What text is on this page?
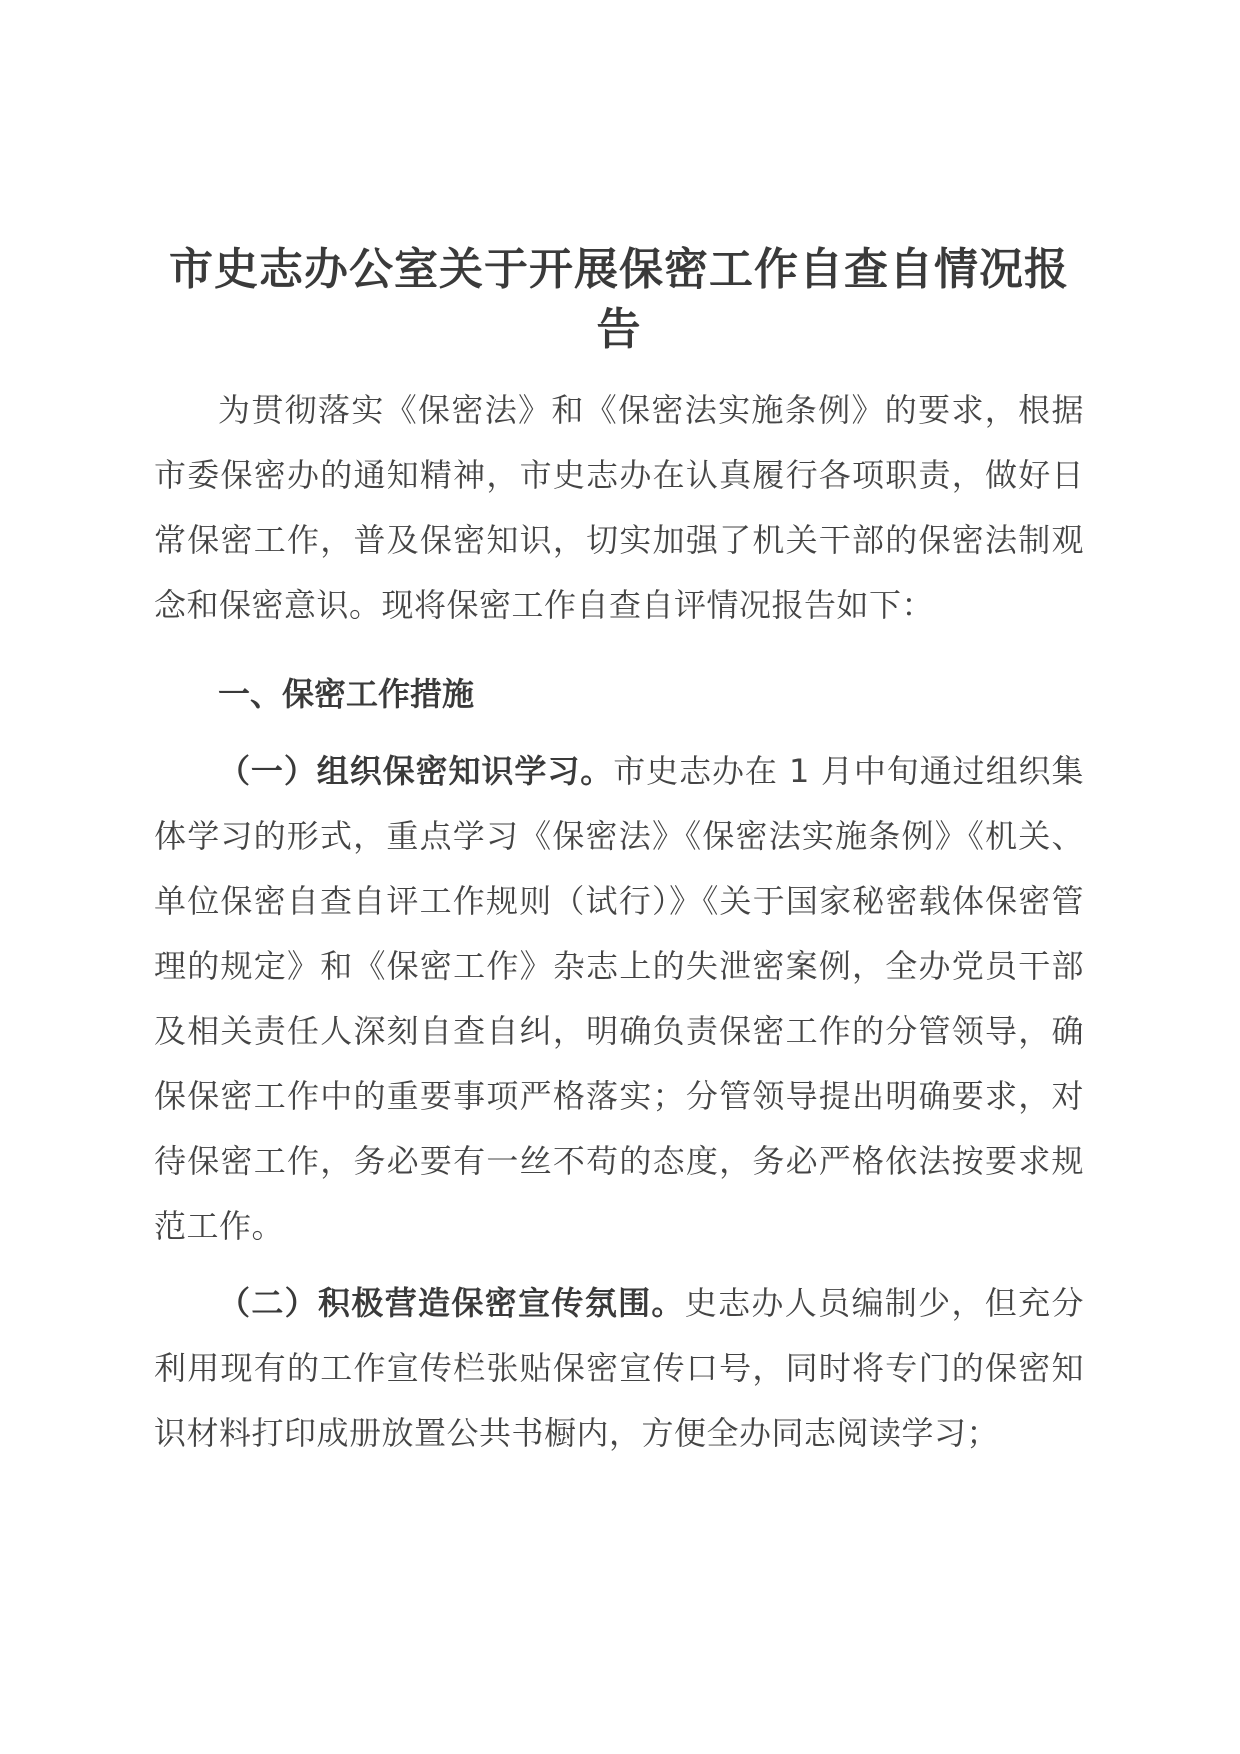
市史志办公室关于开展保密工作自查自情况报告

为贯彻落实《保密法》和《保密法实施条例》的要求，根据市委保密办的通知精神，市史志办在认真履行各项职责，做好日常保密工作，普及保密知识，切实加强了机关干部的保密法制观念和保密意识。现将保密工作自查自评情况报告如下：

一、保密工作措施

（一）组织保密知识学习。市史志办在 1 月中旬通过组织集体学习的形式，重点学习《保密法》《保密法实施条例》《机关、单位保密自查自评工作规则（试行）》《关于国家秘密载体保密管理的规定》和《保密工作》杂志上的失泄密案例，全办党员干部及相关责任人深刻自查自纠，明确负责保密工作的分管领导，确保保密工作中的重要事项严格落实；分管领导提出明确要求，对待保密工作，务必要有一丝不苟的态度，务必严格依法按要求规范工作。

（二）积极营造保密宣传氛围。史志办人员编制少，但充分利用现有的工作宣传栏张贴保密宣传口号，同时将专门的保密知识材料打印成册放置公共书橱内，方便全办同志阅读学习；
